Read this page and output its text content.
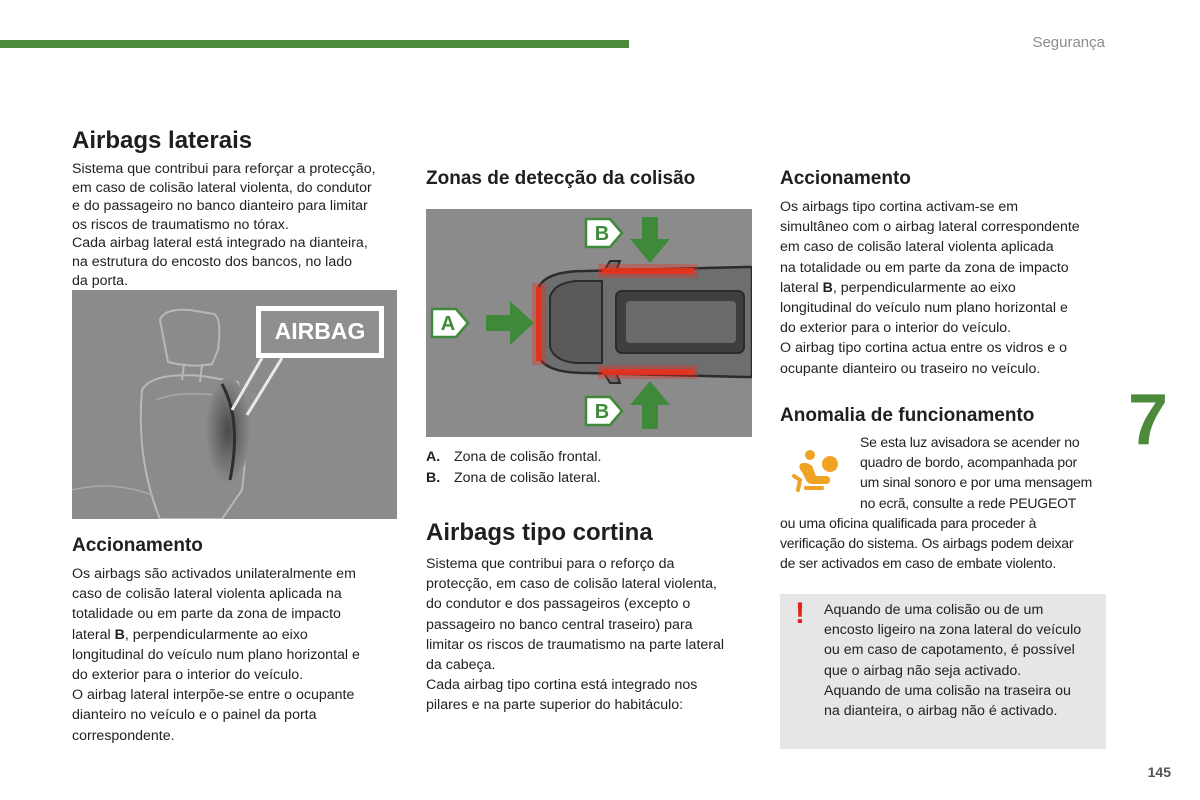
Segurança
7
145
Airbags laterais
Sistema que contribui para reforçar a protecção,
em caso de colisão lateral violenta, do condutor
e do passageiro no banco dianteiro para limitar
os riscos de traumatismo no tórax.
Cada airbag lateral está integrado na dianteira,
na estrutura do encosto dos bancos, no lado
da porta.
AIRBAG
Accionamento
Os airbags são activados unilateralmente em
caso de colisão lateral violenta aplicada na
totalidade ou em parte da zona de impacto
lateral B, perpendicularmente ao eixo
longitudinal do veículo num plano horizontal e
do exterior para o interior do veículo.
O airbag lateral interpõe-se entre o ocupante
dianteiro no veículo e o painel da porta
correspondente.
Zonas de detecção da colisão
A
B
B
A. Zona de colisão frontal.
B. Zona de colisão lateral.
Airbags tipo cortina
Sistema que contribui para o reforço da
protecção, em caso de colisão lateral violenta,
do condutor e dos passageiros (excepto o
passageiro no banco central traseiro) para
limitar os riscos de traumatismo na parte lateral
da cabeça.
Cada airbag tipo cortina está integrado nos
pilares e na parte superior do habitáculo:
Accionamento
Os airbags tipo cortina activam-se em
simultâneo com o airbag lateral correspondente
em caso de colisão lateral violenta aplicada
na totalidade ou em parte da zona de impacto
lateral B, perpendicularmente ao eixo
longitudinal do veículo num plano horizontal e
do exterior para o interior do veículo.
O airbag tipo cortina actua entre os vidros e o
ocupante dianteiro ou traseiro no veículo.
Anomalia de funcionamento
Se esta luz avisadora se acender no
quadro de bordo, acompanhada por
um sinal sonoro e por uma mensagem
no ecrã, consulte a rede PEUGEOT
ou uma oficina qualificada para proceder à
verificação do sistema. Os airbags podem deixar
de ser activados em caso de embate violento.
! Aquando de uma colisão ou de um
encosto ligeiro na zona lateral do veículo
ou em caso de capotamento, é possível
que o airbag não seja activado.
Aquando de uma colisão na traseira ou
na dianteira, o airbag não é activado.
